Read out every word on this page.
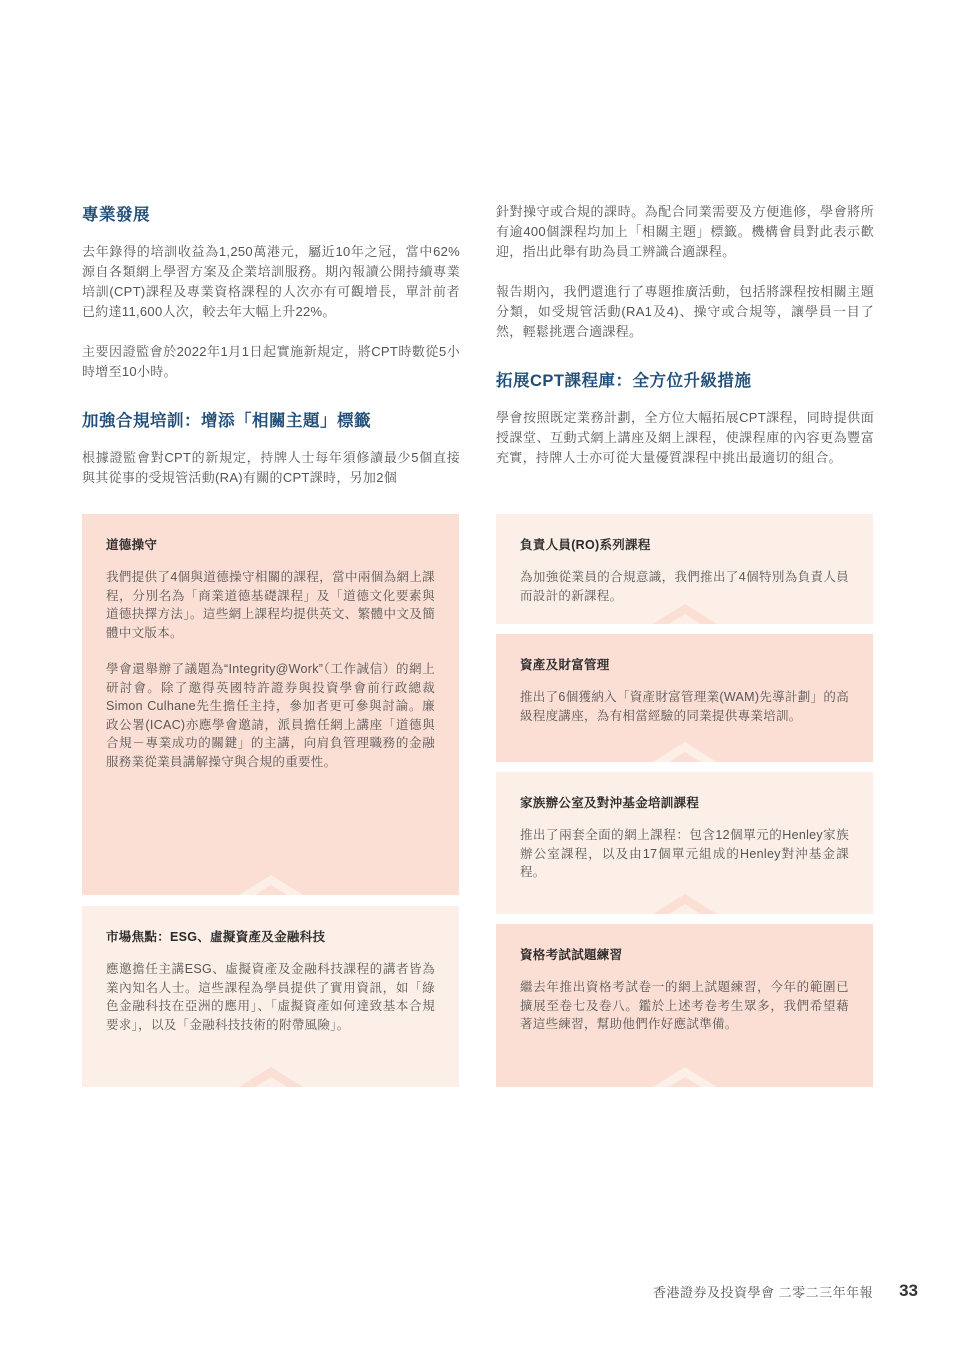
專業發展

去年錄得的培訓收益為1,250萬港元，屬近10年之冠，當中62%源自各類網上學習方案及企業培訓服務。期內報讀公開持續專業培訓(CPT)課程及專業資格課程的人次亦有可觀增長，單計前者已約達11,600人次，較去年大幅上升22%。

主要因證監會於2022年1月1日起實施新規定，將CPT時數從5小時增至10小時。

加強合規培訓：增添「相關主題」標籤

根據證監會對CPT的新規定，持牌人士每年須修讀最少5個直接與其從事的受規管活動(RA)有關的CPT課時，另加2個

針對操守或合規的課時。為配合同業需要及方便進修，學會將所有逾400個課程均加上「相關主題」標籤。機構會員對此表示歡迎，指出此舉有助為員工辨識合適課程。

報告期內，我們還進行了專題推廣活動，包括將課程按相關主題分類，如受規管活動(RA1及4)、操守或合規等，讓學員一目了然，輕鬆挑選合適課程。

拓展CPT課程庫：全方位升級措施

學會按照既定業務計劃，全方位大幅拓展CPT課程，同時提供面授課堂、互動式網上講座及網上課程，使課程庫的內容更為豐富充實，持牌人士亦可從大量優質課程中挑出最適切的組合。

道德操守

我們提供了4個與道德操守相關的課程，當中兩個為網上課程，分別名為「商業道德基礎課程」及「道德文化要素與道德抉擇方法」。這些網上課程均提供英文、繁體中文及簡體中文版本。

學會還舉辦了議題為“Integrity@Work”（工作誠信）的網上研討會。除了邀得英國特許證券與投資學會前行政總裁Simon Culhane先生擔任主持，參加者更可參與討論。廉政公署(ICAC)亦應學會邀請，派員擔任網上講座「道德與合規－專業成功的關鍵」的主講，向肩負管理職務的金融服務業從業員講解操守與合規的重要性。

市場焦點：ESG、虛擬資產及金融科技

應邀擔任主講ESG、虛擬資產及金融科技課程的講者皆為業內知名人士。這些課程為學員提供了實用資訊，如「綠色金融科技在亞洲的應用」、「虛擬資產如何達致基本合規要求」，以及「金融科技技術的附帶風險」。

負責人員(RO)系列課程

為加強從業員的合規意識，我們推出了4個特別為負責人員而設計的新課程。

資產及財富管理

推出了6個獲納入「資產財富管理業(WAM)先導計劃」的高級程度講座，為有相當經驗的同業提供專業培訓。

家族辦公室及對沖基金培訓課程

推出了兩套全面的網上課程：包含12個單元的Henley家族辦公室課程，以及由17個單元組成的Henley對沖基金課程。

資格考試試題練習

繼去年推出資格考試卷一的網上試題練習，今年的範圍已擴展至卷七及卷八。鑑於上述考卷考生眾多，我們希望藉著這些練習，幫助他們作好應試準備。

香港證券及投資學會 二零二三年年報 33
